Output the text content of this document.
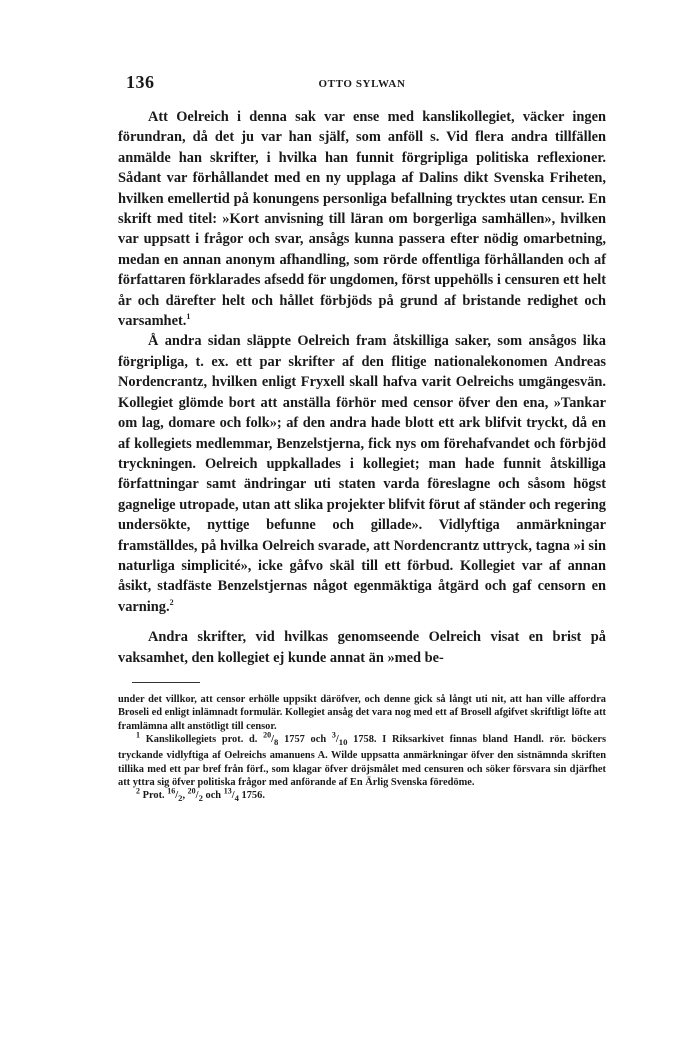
136	OTTO SYLWAN

Att Oelreich i denna sak var ense med kanslikollegiet, väcker ingen förundran, då det ju var han själf, som anföll s. Vid flera andra tillfällen anmälde han skrifter, i hvilka han funnit förgripliga politiska reflexioner. Sådant var förhållandet med en ny upplaga af Dalins dikt Svenska Friheten, hvilken emellertid på konungens personliga befallning trycktes utan censur. En skrift med titel: »Kort anvisning till läran om borgerliga samhällen», hvilken var uppsatt i frågor och svar, ansågs kunna passera efter nödig omarbetning, medan en annan anonym afhandling, som rörde offentliga förhållanden och af författaren förklarades afsedd för ungdomen, först uppehölls i censuren ett helt år och därefter helt och hållet förbjöds på grund af bristande redighet och varsamhet.$^1$

Å andra sidan släppte Oelreich fram åtskilliga saker, som ansågos lika förgripliga, t. ex. ett par skrifter af den flitige nationalekonomen Andreas Nordencrantz, hvilken enligt Fryxell skall hafva varit Oelreichs umgängesvän. Kollegiet glömde bort att anställa förhör med censor öfver den ena, »Tankar om lag, domare och folk»; af den andra hade blott ett ark blifvit tryckt, då en af kollegiets medlemmar, Benzelstjerna, fick nys om förehafvandet och förbjöd tryckningen. Oelreich uppkallades i kollegiet; man hade funnit åtskilliga författningar samt ändringar uti staten varda föreslagne och såsom högst gagnelige utropade, utan att slika projekter blifvit förut af ständer och regering undersökte, nyttige befunne och gillade». Vidlyftiga anmärkningar framställdes, på hvilka Oelreich svarade, att Nordencrantz uttryck, tagna »i sin naturliga simplicité», icke gåfvo skäl till ett förbud. Kollegiet var af annan åsikt, stadfäste Benzelstjernas något egenmäktiga åtgärd och gaf censorn en varning.$^2$

Andra skrifter, vid hvilkas genomseende Oelreich visat en brist på vaksamhet, den kollegiet ej kunde annat än »med be-

under det villkor, att censor erhölle uppsikt däröfver, och denne gick så långt uti nit, att han ville affordra Broseli ed enligt inlämnadt formulär. Kollegiet ansåg det vara nog med ett af Brosell afgifvet skriftligt löfte att framlämna allt anstötligt till censor.

$^1$ Kanslikollegiets prot. d. $^{20}/_8$ 1757 och $^3/_{10}$ 1758. I Riksarkivet finnas bland Handl. rör. böckers tryckande vidlyftiga af Oelreichs amanuens A. Wilde uppsatta anmärkningar öfver den sistnämnda skriften tillika med ett par bref från förf., som klagar öfver dröjsmålet med censuren och söker försvara sin djärfhet att yttra sig öfver politiska frågor med anförande af En Ärlig Svenska föredöme.

$^2$ Prot. $^{16}/_2$, $^{20}/_2$ och $^{13}/_4$ 1756.
